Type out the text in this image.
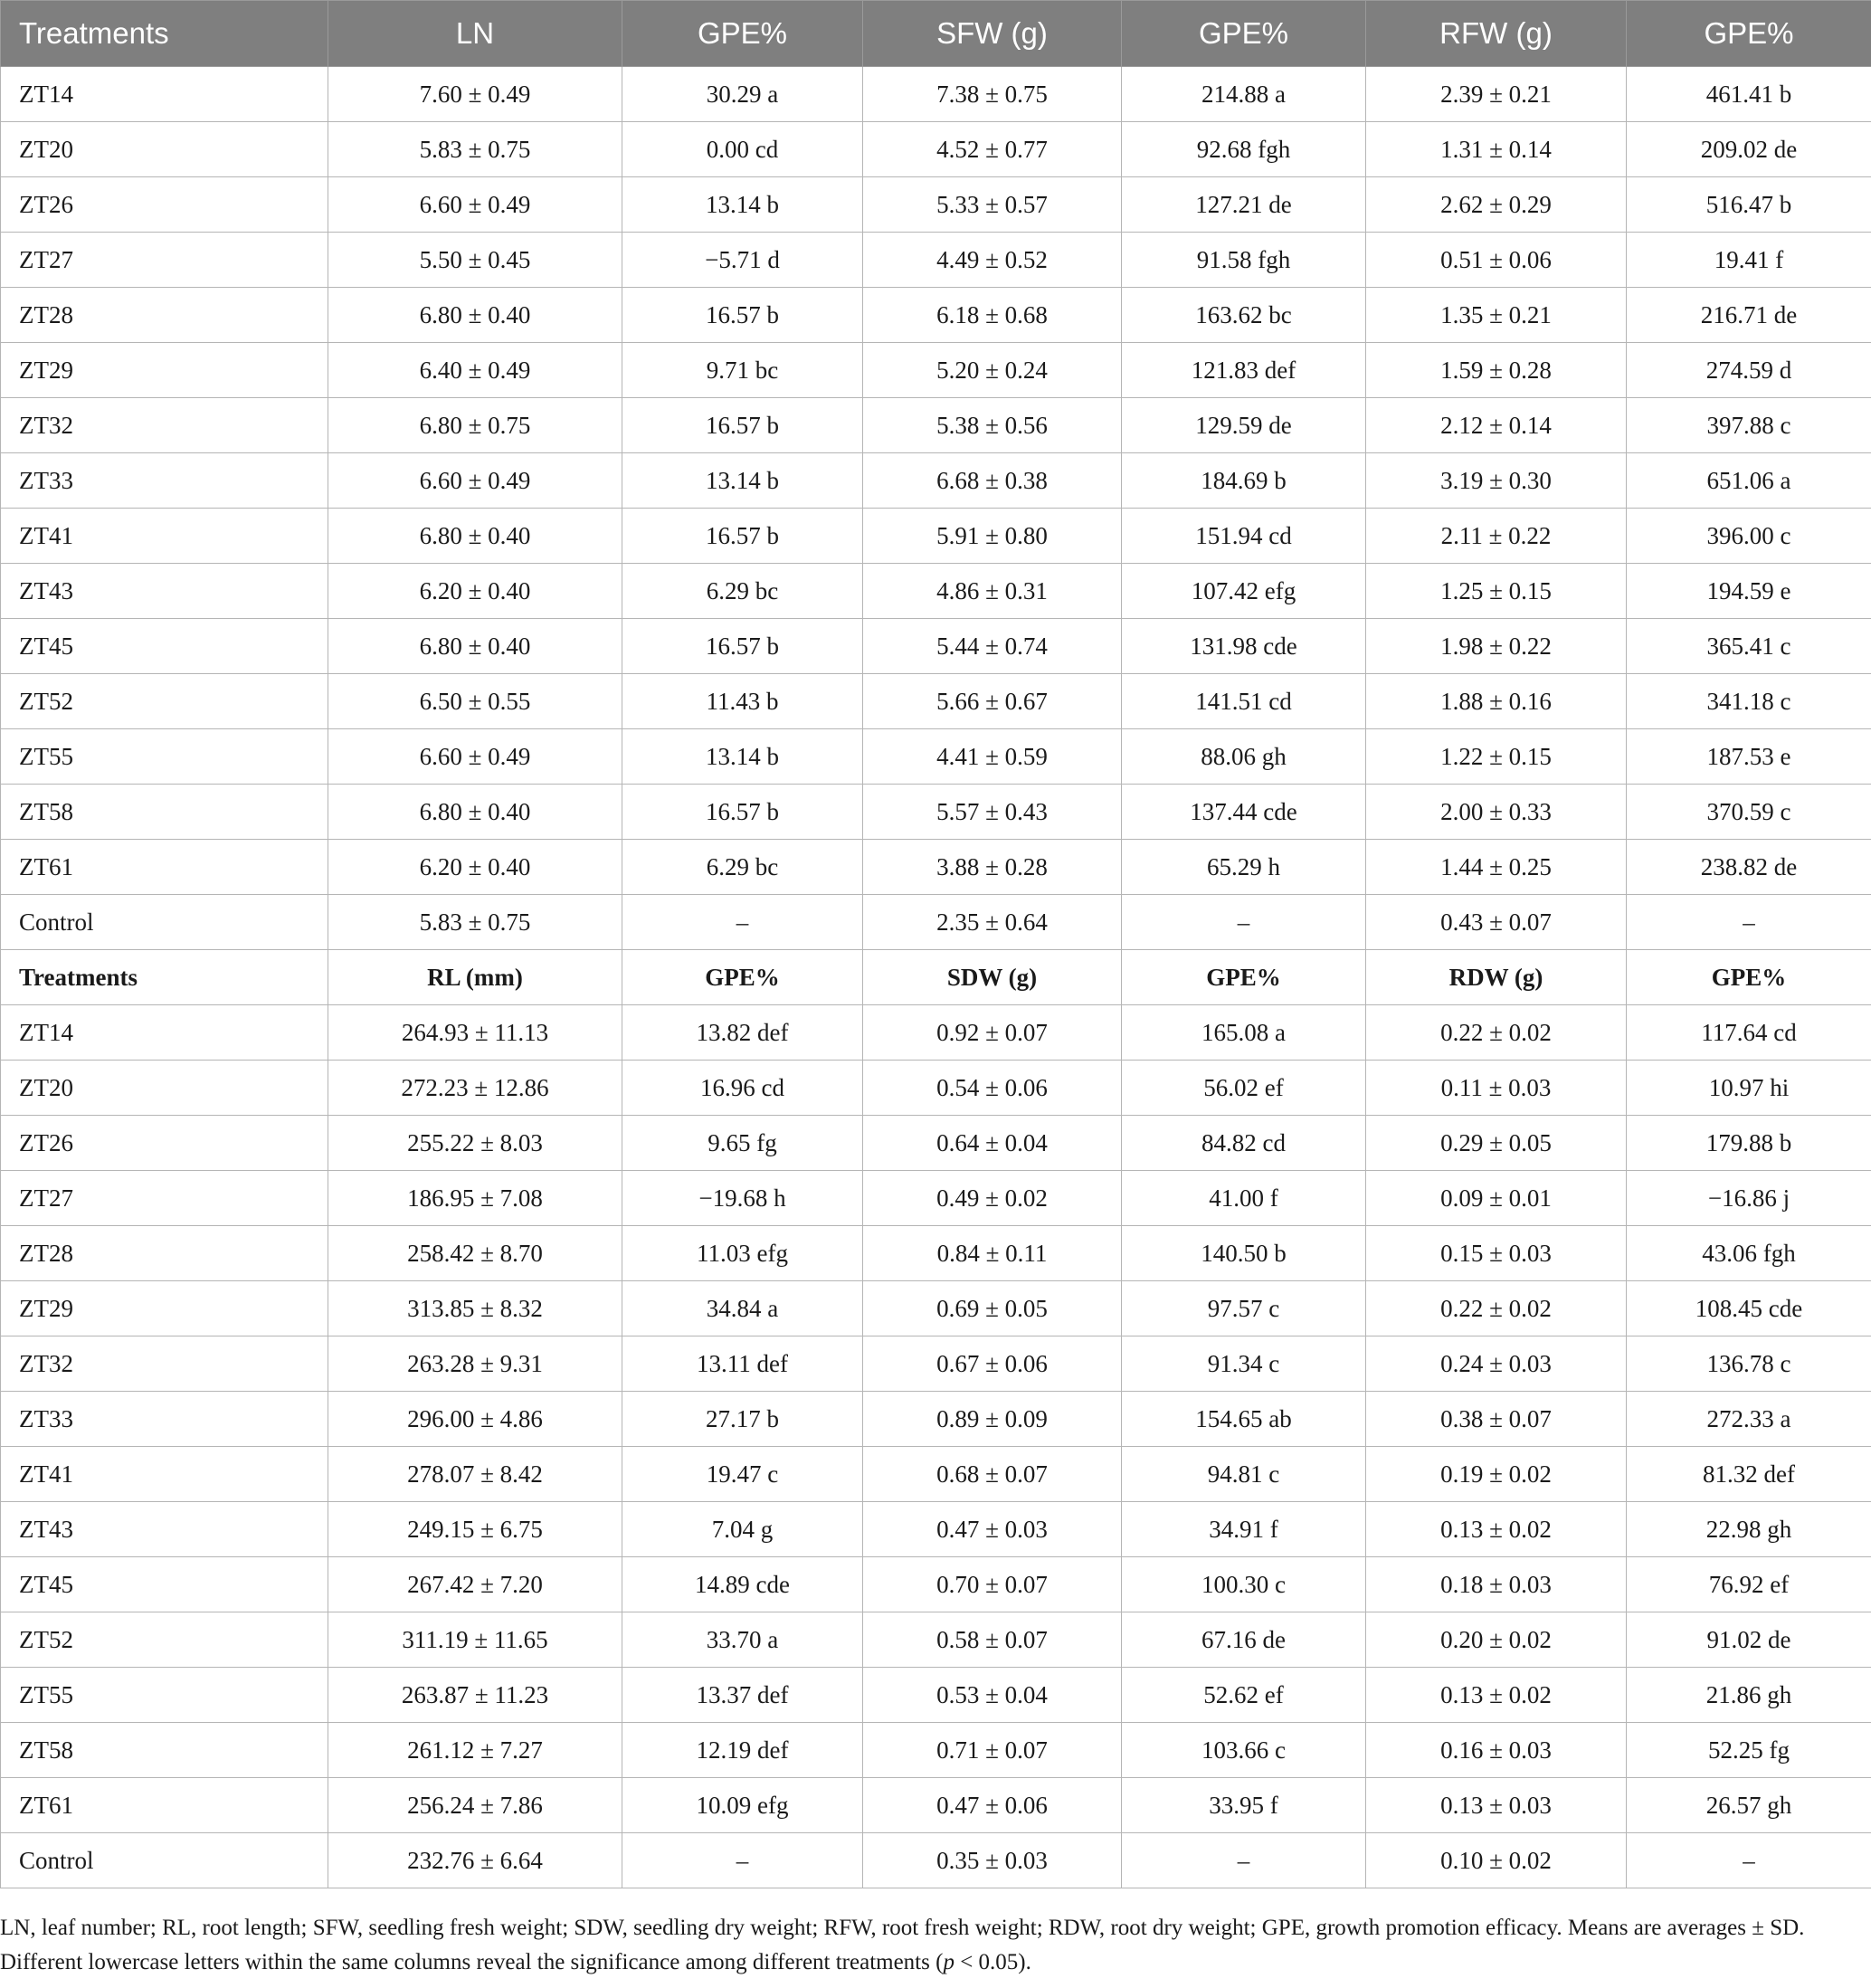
Treatments	LN	GPE%	SFW (g)	GPE%	RFW (g)	GPE%
ZT14	7.60 ± 0.49	30.29 a	7.38 ± 0.75	214.88 a	2.39 ± 0.21	461.41 b
ZT20	5.83 ± 0.75	0.00 cd	4.52 ± 0.77	92.68 fgh	1.31 ± 0.14	209.02 de
ZT26	6.60 ± 0.49	13.14 b	5.33 ± 0.57	127.21 de	2.62 ± 0.29	516.47 b
ZT27	5.50 ± 0.45	−5.71 d	4.49 ± 0.52	91.58 fgh	0.51 ± 0.06	19.41 f
ZT28	6.80 ± 0.40	16.57 b	6.18 ± 0.68	163.62 bc	1.35 ± 0.21	216.71 de
ZT29	6.40 ± 0.49	9.71 bc	5.20 ± 0.24	121.83 def	1.59 ± 0.28	274.59 d
ZT32	6.80 ± 0.75	16.57 b	5.38 ± 0.56	129.59 de	2.12 ± 0.14	397.88 c
ZT33	6.60 ± 0.49	13.14 b	6.68 ± 0.38	184.69 b	3.19 ± 0.30	651.06 a
ZT41	6.80 ± 0.40	16.57 b	5.91 ± 0.80	151.94 cd	2.11 ± 0.22	396.00 c
ZT43	6.20 ± 0.40	6.29 bc	4.86 ± 0.31	107.42 efg	1.25 ± 0.15	194.59 e
ZT45	6.80 ± 0.40	16.57 b	5.44 ± 0.74	131.98 cde	1.98 ± 0.22	365.41 c
ZT52	6.50 ± 0.55	11.43 b	5.66 ± 0.67	141.51 cd	1.88 ± 0.16	341.18 c
ZT55	6.60 ± 0.49	13.14 b	4.41 ± 0.59	88.06 gh	1.22 ± 0.15	187.53 e
ZT58	6.80 ± 0.40	16.57 b	5.57 ± 0.43	137.44 cde	2.00 ± 0.33	370.59 c
ZT61	6.20 ± 0.40	6.29 bc	3.88 ± 0.28	65.29 h	1.44 ± 0.25	238.82 de
Control	5.83 ± 0.75	–	2.35 ± 0.64	–	0.43 ± 0.07	–
Treatments	RL (mm)	GPE%	SDW (g)	GPE%	RDW (g)	GPE%
ZT14	264.93 ± 11.13	13.82 def	0.92 ± 0.07	165.08 a	0.22 ± 0.02	117.64 cd
ZT20	272.23 ± 12.86	16.96 cd	0.54 ± 0.06	56.02 ef	0.11 ± 0.03	10.97 hi
ZT26	255.22 ± 8.03	9.65 fg	0.64 ± 0.04	84.82 cd	0.29 ± 0.05	179.88 b
ZT27	186.95 ± 7.08	−19.68 h	0.49 ± 0.02	41.00 f	0.09 ± 0.01	−16.86 j
ZT28	258.42 ± 8.70	11.03 efg	0.84 ± 0.11	140.50 b	0.15 ± 0.03	43.06 fgh
ZT29	313.85 ± 8.32	34.84 a	0.69 ± 0.05	97.57 c	0.22 ± 0.02	108.45 cde
ZT32	263.28 ± 9.31	13.11 def	0.67 ± 0.06	91.34 c	0.24 ± 0.03	136.78 c
ZT33	296.00 ± 4.86	27.17 b	0.89 ± 0.09	154.65 ab	0.38 ± 0.07	272.33 a
ZT41	278.07 ± 8.42	19.47 c	0.68 ± 0.07	94.81 c	0.19 ± 0.02	81.32 def
ZT43	249.15 ± 6.75	7.04 g	0.47 ± 0.03	34.91 f	0.13 ± 0.02	22.98 gh
ZT45	267.42 ± 7.20	14.89 cde	0.70 ± 0.07	100.30 c	0.18 ± 0.03	76.92 ef
ZT52	311.19 ± 11.65	33.70 a	0.58 ± 0.07	67.16 de	0.20 ± 0.02	91.02 de
ZT55	263.87 ± 11.23	13.37 def	0.53 ± 0.04	52.62 ef	0.13 ± 0.02	21.86 gh
ZT58	261.12 ± 7.27	12.19 def	0.71 ± 0.07	103.66 c	0.16 ± 0.03	52.25 fg
ZT61	256.24 ± 7.86	10.09 efg	0.47 ± 0.06	33.95 f	0.13 ± 0.03	26.57 gh
Control	232.76 ± 6.64	–	0.35 ± 0.03	–	0.10 ± 0.02	–
LN, leaf number; RL, root length; SFW, seedling fresh weight; SDW, seedling dry weight; RFW, root fresh weight; RDW, root dry weight; GPE, growth promotion efficacy. Means are averages ± SD. Different lowercase letters within the same columns reveal the significance among different treatments (p < 0.05).
